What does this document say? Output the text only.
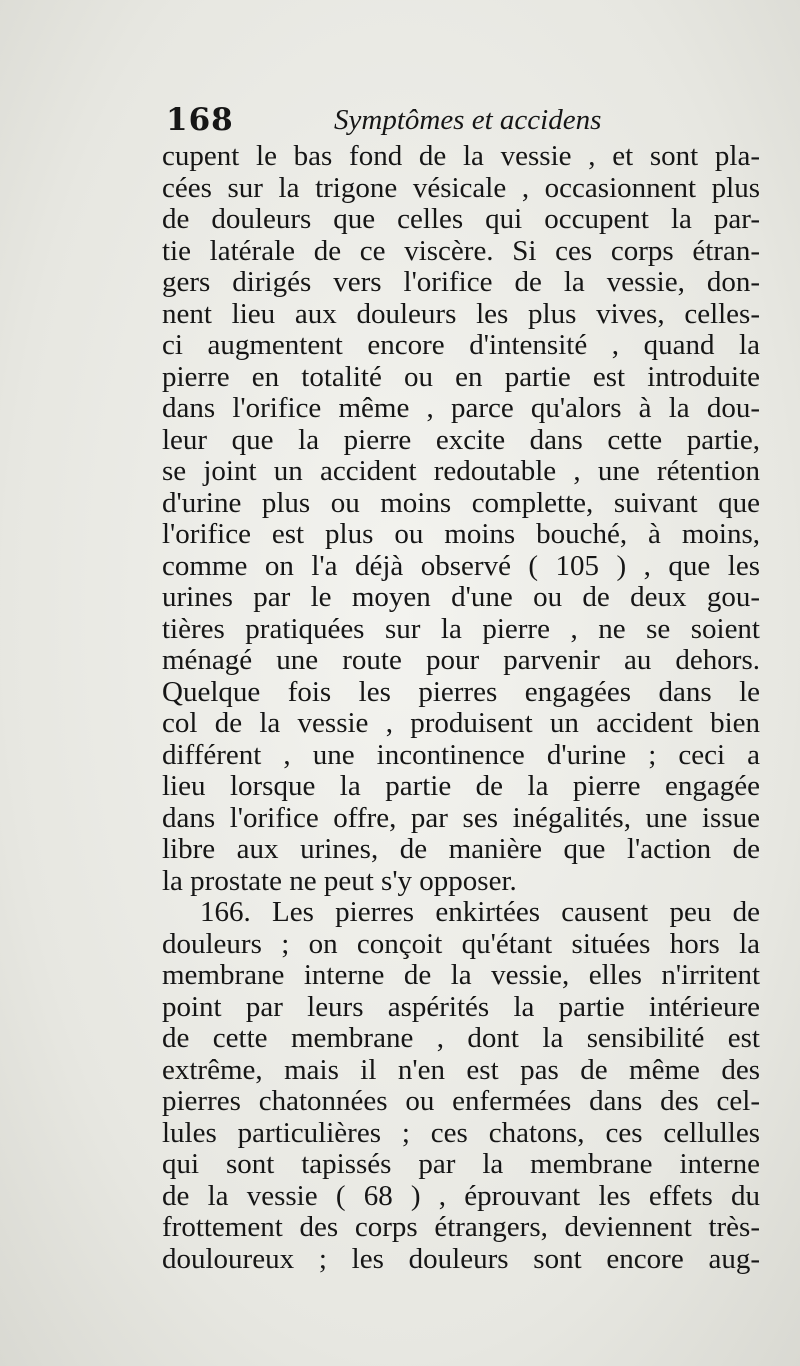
168	Symptômes et accidens
cupent le bas fond de la vessie , et sont pla-
cées sur la trigone vésicale , occasionnent plus
de douleurs que celles qui occupent la par-
tie latérale de ce viscère. Si ces corps étran-
gers dirigés vers l'orifice de la vessie, don-
nent lieu aux douleurs les plus vives, celles-
ci augmentent encore d'intensité , quand la
pierre en totalité ou en partie est introduite
dans l'orifice même , parce qu'alors à la dou-
leur que la pierre excite dans cette partie,
se joint un accident redoutable , une rétention
d'urine plus ou moins complette, suivant que
l'orifice est plus ou moins bouché, à moins,
comme on l'a déjà observé ( 105 ) , que les
urines par le moyen d'une ou de deux gou-
tières pratiquées sur la pierre , ne se soient
ménagé une route pour parvenir au dehors.
Quelque fois les pierres engagées dans le
col de la vessie , produisent un accident bien
différent , une incontinence d'urine ; ceci a
lieu lorsque la partie de la pierre engagée
dans l'orifice offre, par ses inégalités, une issue
libre aux urines, de manière que l'action de
la prostate ne peut s'y opposer.
166. Les pierres enkirtées causent peu de
douleurs ; on conçoit qu'étant situées hors la
membrane interne de la vessie, elles n'irritent
point par leurs aspérités la partie intérieure
de cette membrane , dont la sensibilité est
extrême, mais il n'en est pas de même des
pierres chatonnées ou enfermées dans des cel-
lules particulières ; ces chatons, ces cellulles
qui sont tapissés par la membrane interne
de la vessie ( 68 ) , éprouvant les effets du
frottement des corps étrangers, deviennent très-
douloureux ; les douleurs sont encore aug-
